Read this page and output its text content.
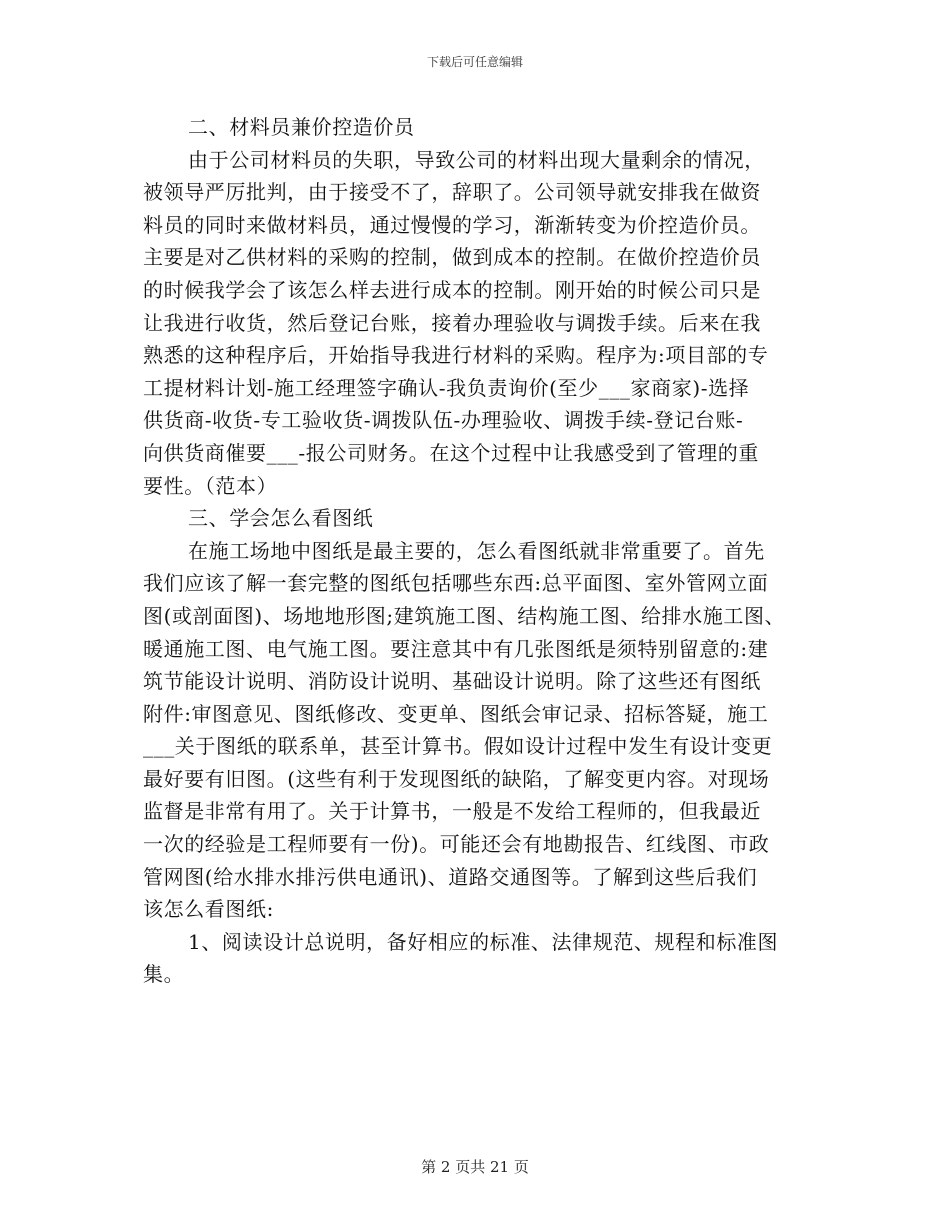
下载后可任意编辑
二、材料员兼价控造价员
由于公司材料员的失职，导致公司的材料出现大量剩余的情况，
被领导严厉批判，由于接受不了，辞职了。公司领导就安排我在做资
料员的同时来做材料员，通过慢慢的学习，渐渐转变为价控造价员。
主要是对乙供材料的采购的控制，做到成本的控制。在做价控造价员
的时候我学会了该怎么样去进行成本的控制。刚开始的时候公司只是
让我进行收货，然后登记台账，接着办理验收与调拨手续。后来在我
熟悉的这种程序后，开始指导我进行材料的采购。程序为:项目部的专
工提材料计划-施工经理签字确认-我负责询价(至少___家商家)-选择
供货商-收货-专工验收货-调拨队伍-办理验收、调拨手续-登记台账-
向供货商催要___-报公司财务。在这个过程中让我感受到了管理的重
要性。（范本）
三、学会怎么看图纸
在施工场地中图纸是最主要的，怎么看图纸就非常重要了。首先
我们应该了解一套完整的图纸包括哪些东西:总平面图、室外管网立面
图(或剖面图)、场地地形图;建筑施工图、结构施工图、给排水施工图、
暖通施工图、电气施工图。要注意其中有几张图纸是须特别留意的:建
筑节能设计说明、消防设计说明、基础设计说明。除了这些还有图纸
附件:审图意见、图纸修改、变更单、图纸会审记录、招标答疑，施工
___关于图纸的联系单，甚至计算书。假如设计过程中发生有设计变更
最好要有旧图。(这些有利于发现图纸的缺陷，了解变更内容。对现场
监督是非常有用了。关于计算书，一般是不发给工程师的，但我最近
一次的经验是工程师要有一份)。可能还会有地勘报告、红线图、市政
管网图(给水排水排污供电通讯)、道路交通图等。了解到这些后我们
该怎么看图纸:
1、阅读设计总说明，备好相应的标准、法律规范、规程和标准图
集。
第 2 页共 21 页
